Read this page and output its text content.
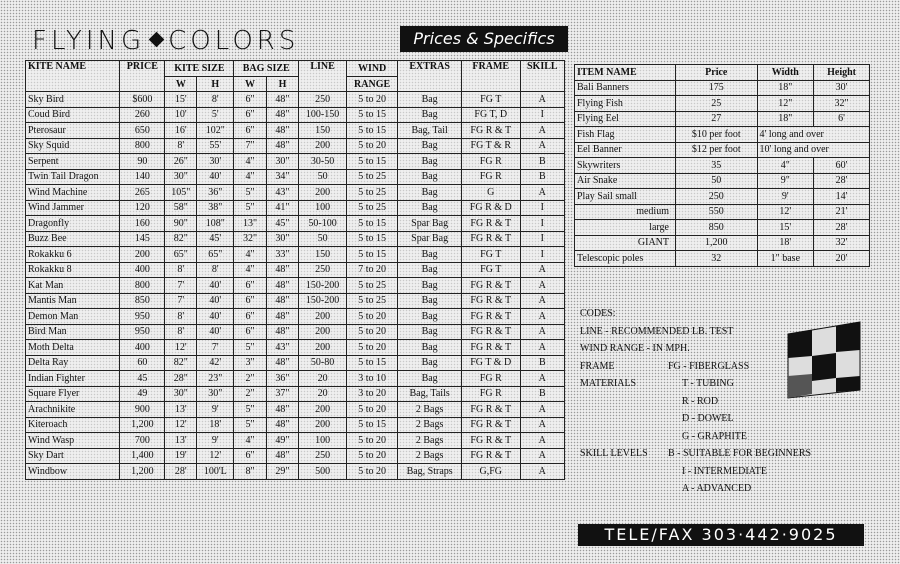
FLYING COLORS	Prices & Specifics
KITE NAME	PRICE	KITE SIZE		BAG SIZE		LINE	WIND	EXTRAS	FRAME	SKILL
		W	H	W	H		RANGE			
Sky Bird	$600	15'	8'	6"	48"	250	5 to 20	Bag	FG T	A
Coud Bird	260	10'	5'	6"	48"	100-150	5 to 15	Bag	FG T, D	I
Pterosaur	650	16'	102"	6"	48"	150	5 to 15	Bag, Tail	FG R & T	A
Sky Squid	800	8'	55'	7"	48"	200	5 to 20	Bag	FG T & R	A
Serpent	90	26"	30'	4"	30"	30-50	5 to 15	Bag	FG R	B
Twin Tail Dragon	140	30"	40'	4"	34"	50	5 to 25	Bag	FG R	B
Wind Machine	265	105"	36"	5"	43"	200	5 to 25	Bag	G	A
Wind Jammer	120	58"	38"	5"	41"	100	5 to 25	Bag	FG R & D	I
Dragonfly	160	90"	108"	13"	45"	50-100	5 to 15	Spar Bag	FG R & T	I
Buzz Bee	145	82"	45'	32"	30"	50	5 to 15	Spar Bag	FG R & T	I
Rokakku 6	200	65"	65"	4"	33"	150	5 to 15	Bag	FG T	I
Rokakku 8	400	8'	8'	4"	48"	250	7 to 20	Bag	FG T	A
Kat Man	800	7'	40'	6"	48"	150-200	5 to 25	Bag	FG R & T	A
Mantis Man	850	7'	40'	6"	48"	150-200	5 to 25	Bag	FG R & T	A
Demon Man	950	8'	40'	6"	48"	200	5 to 20	Bag	FG R & T	A
Bird Man	950	8'	40'	6"	48"	200	5 to 20	Bag	FG R & T	A
Moth Delta	400	12'	7'	5"	43"	200	5 to 20	Bag	FG R & T	A
Delta Ray	60	82"	42'	3"	48"	50-80	5 to 15	Bag	FG T & D	B
Indian Fighter	45	28"	23"	2"	36"	20	3 to 10	Bag	FG R	A
Square Flyer	49	30"	30"	2"	37"	20	3 to 20	Bag, Tails	FG R	B
Arachnikite	900	13'	9'	5"	48"	200	5 to 20	2 Bags	FG R & T	A
Kiteroach	1,200	12'	18'	5"	48"	200	5 to 15	2 Bags	FG R & T	A
Wind Wasp	700	13'	9'	4"	49"	100	5 to 20	2 Bags	FG R & T	A
Sky Dart	1,400	19'	12'	6"	48"	250	5 to 20	2 Bags	FG R & T	A
Windbow	1,200	28'	100'L	8"	29"	500	5 to 20	Bag, Straps	G,FG	A
ITEM NAME	Price	Width	Height
Bali Banners	175	18"	30'
Flying Fish	25	12"	32"
Flying Eel	27	18"	6'
Fish Flag	$10 per foot	4' long and over	
Eel Banner	$12 per foot	10' long and over	
Skywriters	35	4"	60'
Air Snake	50	9"	28'
Play Sail small	250	9'	14'
medium	550	12'	21'
large	850	15'	28'
GIANT	1,200	18'	32'
Telescopic poles	32	1" base	20'
CODES:
LINE - RECOMMENDED LB. TEST
WIND RANGE - IN MPH.
FRAME	FG - FIBERGLASS
MATERIALS	T - TUBING
R - ROD
D - DOWEL
G - GRAPHITE
SKILL LEVELS	B - SUITABLE FOR BEGINNERS
I - INTERMEDIATE
A - ADVANCED
TELE/FAX 303·442·9025
